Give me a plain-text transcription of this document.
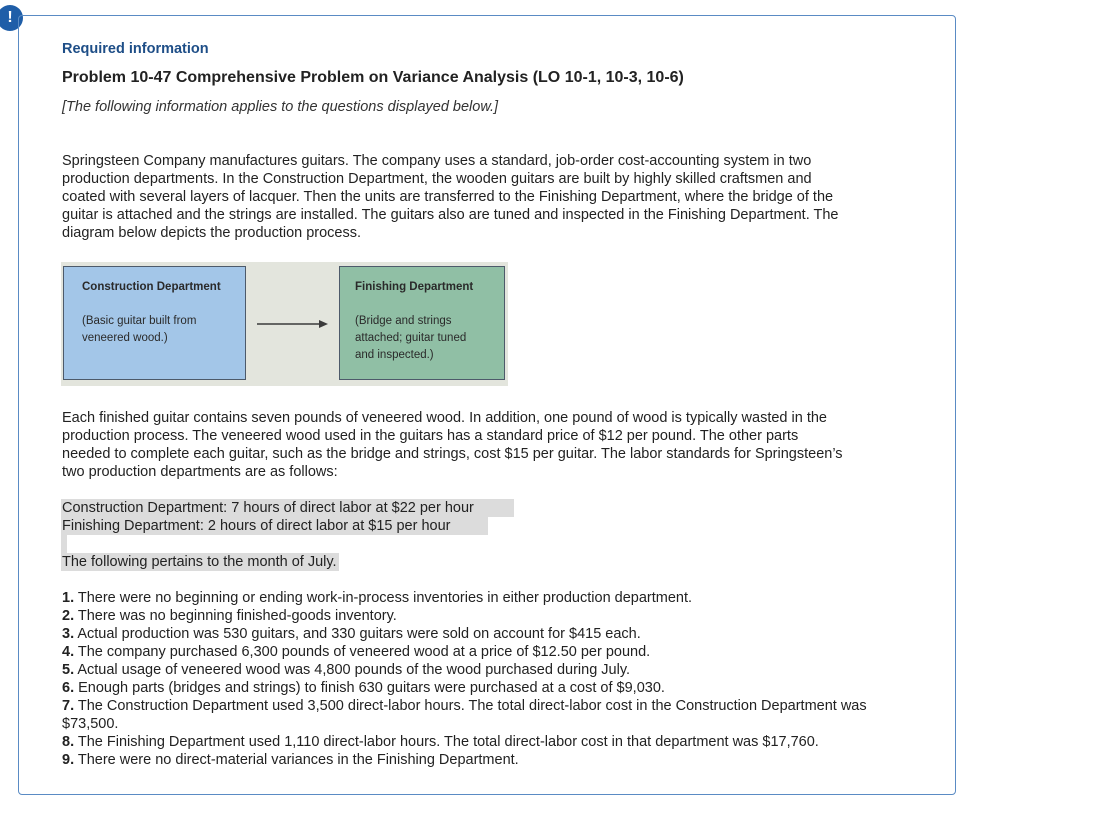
!
Required information
Problem 10-47 Comprehensive Problem on Variance Analysis (LO 10-1, 10-3, 10-6)
[The following information applies to the questions displayed below.]

Springsteen Company manufactures guitars. The company uses a standard, job-order cost-accounting system in two
production departments. In the Construction Department, the wooden guitars are built by highly skilled craftsmen and
coated with several layers of lacquer. Then the units are transferred to the Finishing Department, where the bridge of the
guitar is attached and the strings are installed. The guitars also are tuned and inspected in the Finishing Department. The
diagram below depicts the production process.

Construction Department
(Basic guitar built from
veneered wood.)
Finishing Department
(Bridge and strings
attached; guitar tuned
and inspected.)

Each finished guitar contains seven pounds of veneered wood. In addition, one pound of wood is typically wasted in the
production process. The veneered wood used in the guitars has a standard price of $12 per pound. The other parts
needed to complete each guitar, such as the bridge and strings, cost $15 per guitar. The labor standards for Springsteen’s
two production departments are as follows:

Construction Department: 7 hours of direct labor at $22 per hour
Finishing Department: 2 hours of direct labor at $15 per hour
The following pertains to the month of July.
1. There were no beginning or ending work-in-process inventories in either production department.
2. There was no beginning finished-goods inventory.
3. Actual production was 530 guitars, and 330 guitars were sold on account for $415 each.
4. The company purchased 6,300 pounds of veneered wood at a price of $12.50 per pound.
5. Actual usage of veneered wood was 4,800 pounds of the wood purchased during July.
6. Enough parts (bridges and strings) to finish 630 guitars were purchased at a cost of $9,030.
7. The Construction Department used 3,500 direct-labor hours. The total direct-labor cost in the Construction Department was $73,500.
8. The Finishing Department used 1,110 direct-labor hours. The total direct-labor cost in that department was $17,760.
9. There were no direct-material variances in the Finishing Department.
